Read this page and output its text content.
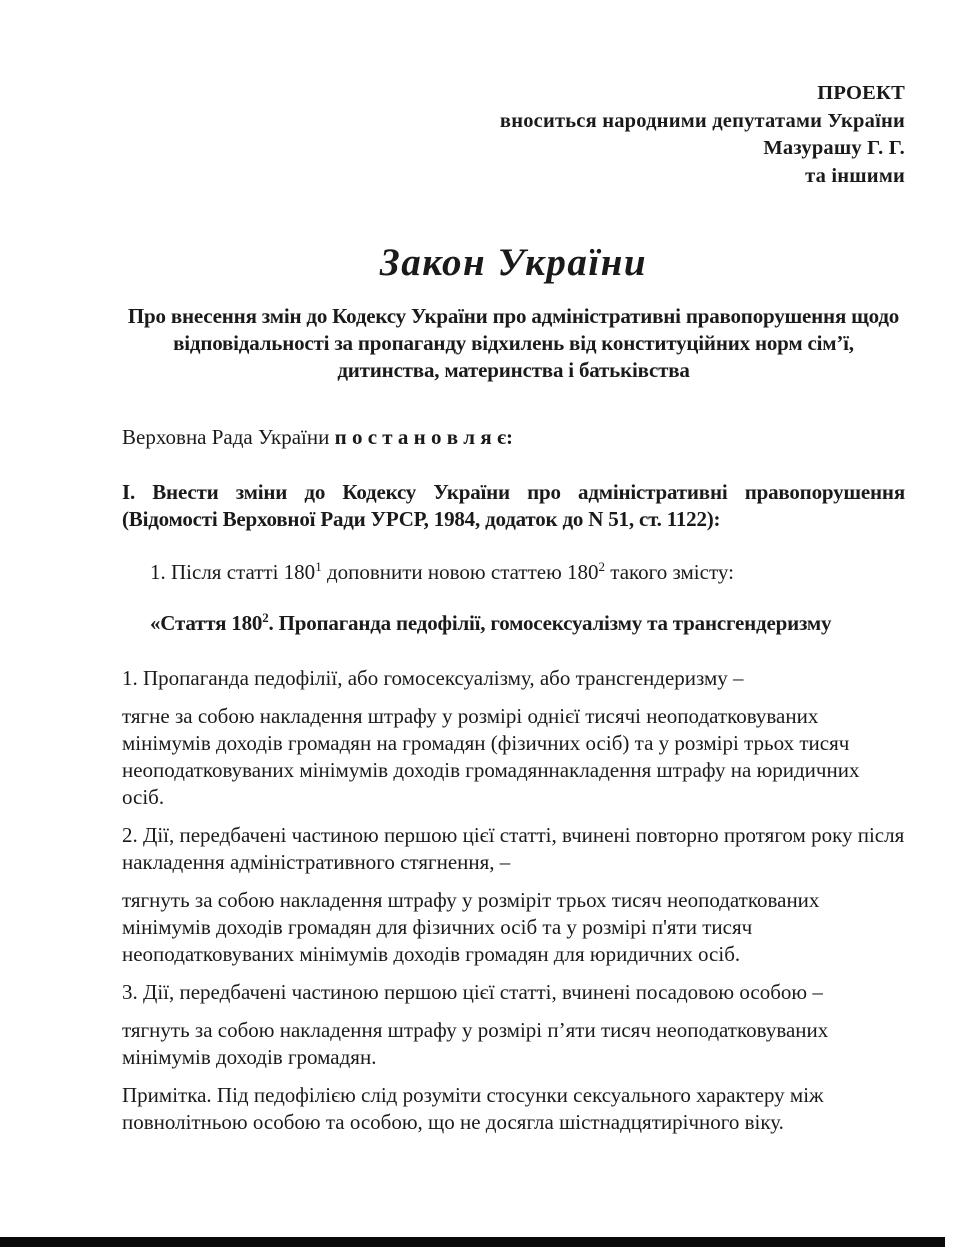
ПРОЕКТ
вноситься народними депутатами України
Мазурашу Г. Г.
та іншими
Закон України
Про внесення змін до Кодексу України про адміністративні правопорушення щодо відповідальності за пропаганду відхилень від конституційних норм сім’ї, дитинства, материнства і батьківства

Верховна Рада України п о с т а н о в л я є:

І. Внести зміни до Кодексу України про адміністративні правопорушення (Відомості Верховної Ради УРСР, 1984, додаток до N 51, ст. 1122):

1. Після статті $180^1$ доповнити новою статтею $180^2$ такого змісту:

«Стаття $180^2$. Пропаганда педофілії, гомосексуалізму та трансгендеризму

1. Пропаганда педофілії, або гомосексуалізму, або трансгендеризму –

тягне за собою накладення штрафу у розмірі однієї тисячі неоподатковуваних мінімумів доходів громадян на громадян (фізичних осіб) та у розмірі трьох тисяч неоподатковуваних мінімумів доходів громадяннакладення штрафу на юридичних осіб.

2. Дії, передбачені частиною першою цієї статті, вчинені повторно протягом року після накладення адміністративного стягнення, –

тягнуть за собою накладення штрафу у розміріт трьох тисяч неоподаткованих мінімумів доходів громадян для фізичних осіб та у розмірі п'яти тисяч неоподатковуваних мінімумів доходів громадян для юридичних осіб.

3. Дії, передбачені частиною першою цієї статті, вчинені посадовою особою –

тягнуть за собою накладення штрафу у розмірі п’яти тисяч неоподатковуваних мінімумів доходів громадян.

Примітка. Під педофілією слід розуміти стосунки сексуального характеру між повнолітньою особою та особою, що не досягла шістнадцятирічного віку.
